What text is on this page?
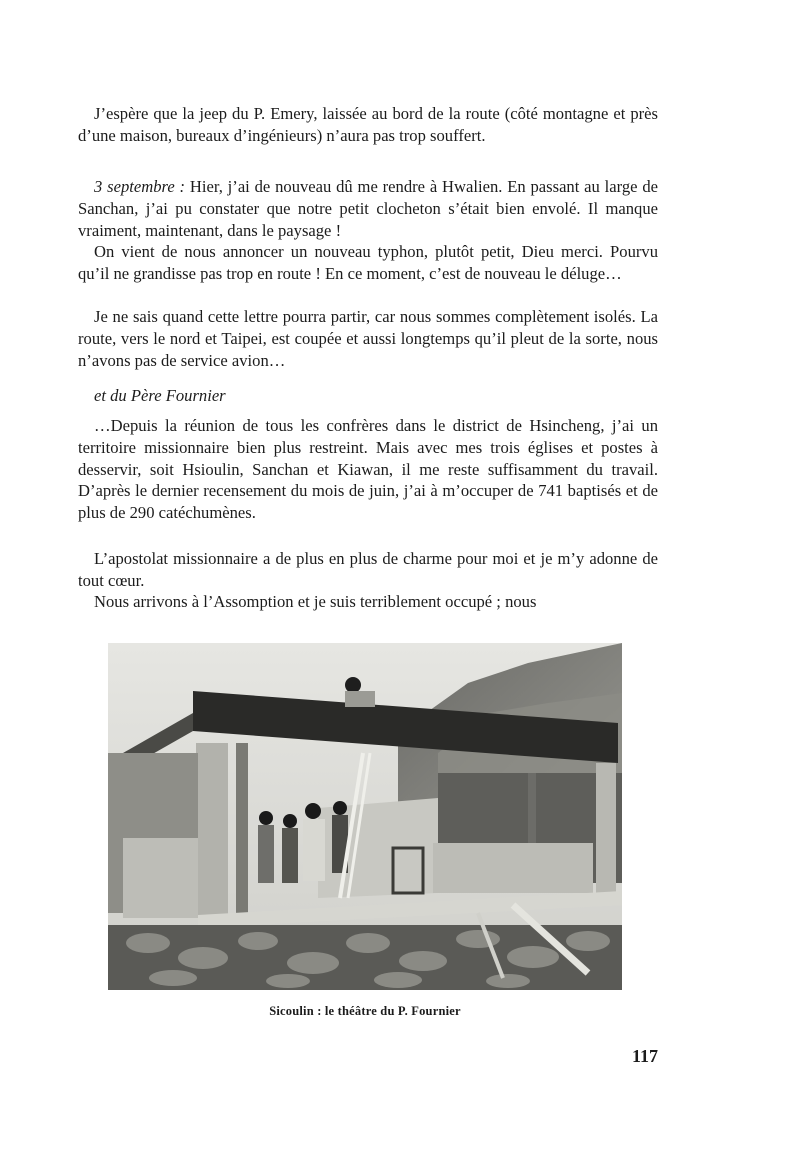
J’espère que la jeep du P. Emery, laissée au bord de la route (côté montagne et près d’une maison, bureaux d’ingénieurs) n’aura pas trop souffert.

3 septembre : Hier, j’ai de nouveau dû me rendre à Hwalien. En passant au large de Sanchan, j’ai pu constater que notre petit clocheton s’était bien envolé. Il manque vraiment, maintenant, dans le paysage !

On vient de nous annoncer un nouveau typhon, plutôt petit, Dieu merci. Pourvu qu’il ne grandisse pas trop en route ! En ce moment, c’est de nouveau le déluge…

Je ne sais quand cette lettre pourra partir, car nous sommes complètement isolés. La route, vers le nord et Taipei, est coupée et aussi longtemps qu’il pleut de la sorte, nous n’avons pas de service avion…

et du Père Fournier

…Depuis la réunion de tous les confrères dans le district de Hsincheng, j’ai un territoire missionnaire bien plus restreint. Mais avec mes trois églises et postes à desservir, soit Hsioulin, Sanchan et Kiawan, il me reste suffisamment du travail. D’après le dernier recensement du mois de juin, j’ai à m’occuper de 741 baptisés et de plus de 290 catéchumènes.

L’apostolat missionnaire a de plus en plus de charme pour moi et je m’y adonne de tout cœur.

Nous arrivons à l’Assomption et je suis terriblement occupé ; nous

Sicoulin : le théâtre du P. Fournier

117
